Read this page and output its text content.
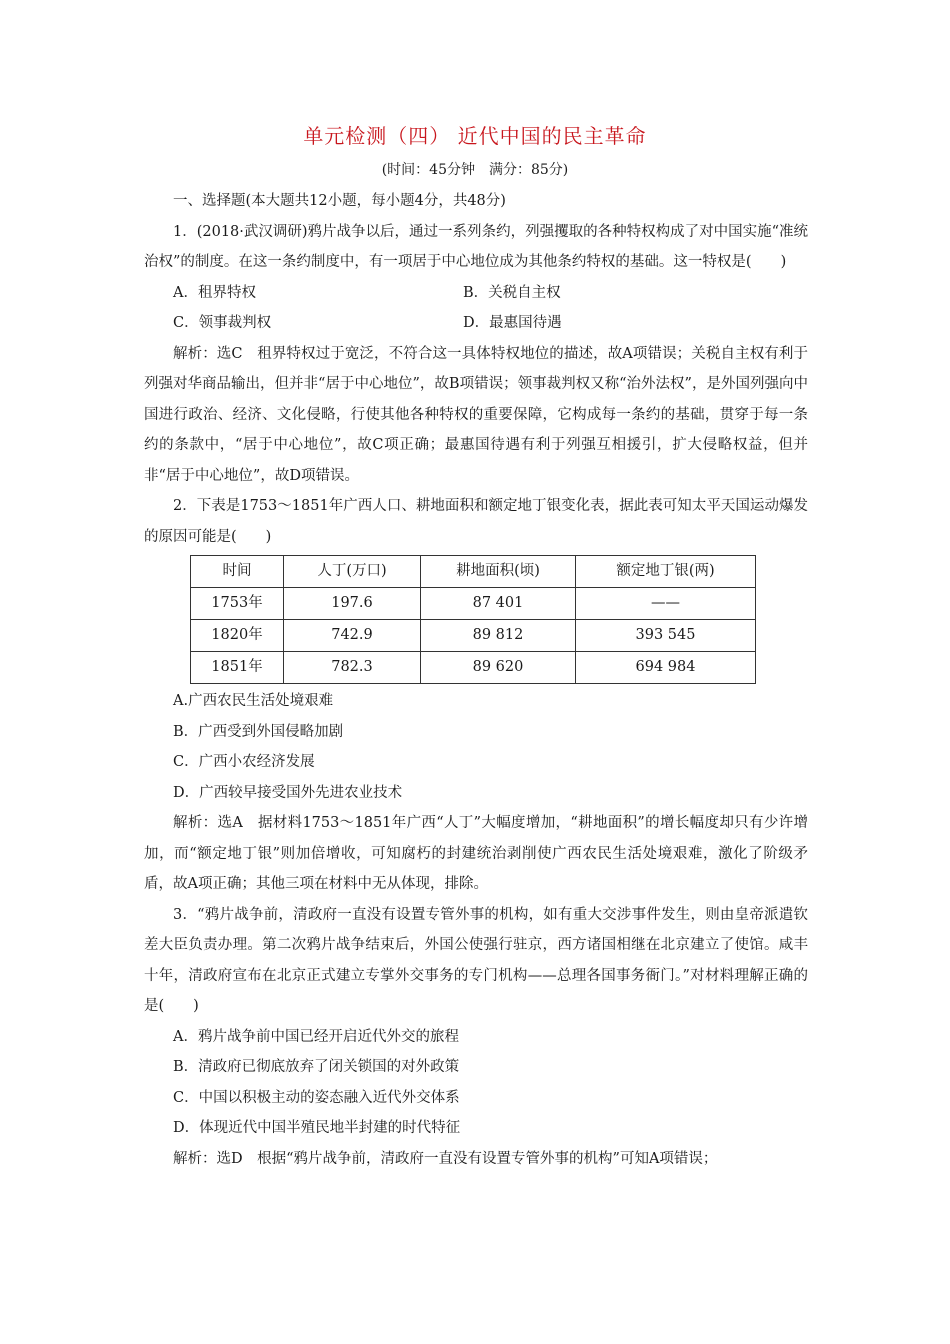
单元检测（四） 近代中国的民主革命
(时间：45分钟　满分：85分)

一、选择题(本大题共12小题，每小题4分，共48分)

1．(2018·武汉调研)鸦片战争以后，通过一系列条约，列强攫取的各种特权构成了对中国实施“准统治权”的制度。在这一条约制度中，有一项居于中心地位成为其他条约特权的基础。这一特权是(　　)

A．租界特权	B．关税自主权
C．领事裁判权	D．最惠国待遇

解析：选C　租界特权过于宽泛，不符合这一具体特权地位的描述，故A项错误；关税自主权有利于列强对华商品输出，但并非“居于中心地位”，故B项错误；领事裁判权又称“治外法权”，是外国列强向中国进行政治、经济、文化侵略，行使其他各种特权的重要保障，它构成每一条约的基础，贯穿于每一条约的条款中，“居于中心地位”，故C项正确；最惠国待遇有利于列强互相援引，扩大侵略权益，但并非“居于中心地位”，故D项错误。

2．下表是1753～1851年广西人口、耕地面积和额定地丁银变化表，据此表可知太平天国运动爆发的原因可能是(　　)

时间	人丁(万口)	耕地面积(顷)	额定地丁银(两)
1753年	197.6	87 401	——
1820年	742.9	89 812	393 545
1851年	782.3	89 620	694 984

A.广西农民生活处境艰难

B．广西受到外国侵略加剧

C．广西小农经济发展

D．广西较早接受国外先进农业技术

解析：选A　据材料1753～1851年广西“人丁”大幅度增加，“耕地面积”的增长幅度却只有少许增加，而“额定地丁银”则加倍增收，可知腐朽的封建统治剥削使广西农民生活处境艰难，激化了阶级矛盾，故A项正确；其他三项在材料中无从体现，排除。

3．“鸦片战争前，清政府一直没有设置专管外事的机构，如有重大交涉事件发生，则由皇帝派遣钦差大臣负责办理。第二次鸦片战争结束后，外国公使强行驻京，西方诸国相继在北京建立了使馆。咸丰十年，清政府宣布在北京正式建立专掌外交事务的专门机构——总理各国事务衙门。”对材料理解正确的是(　　)

A．鸦片战争前中国已经开启近代外交的旅程

B．清政府已彻底放弃了闭关锁国的对外政策

C．中国以积极主动的姿态融入近代外交体系

D．体现近代中国半殖民地半封建的时代特征

解析：选D　根据“鸦片战争前，清政府一直没有设置专管外事的机构”可知A项错误；
